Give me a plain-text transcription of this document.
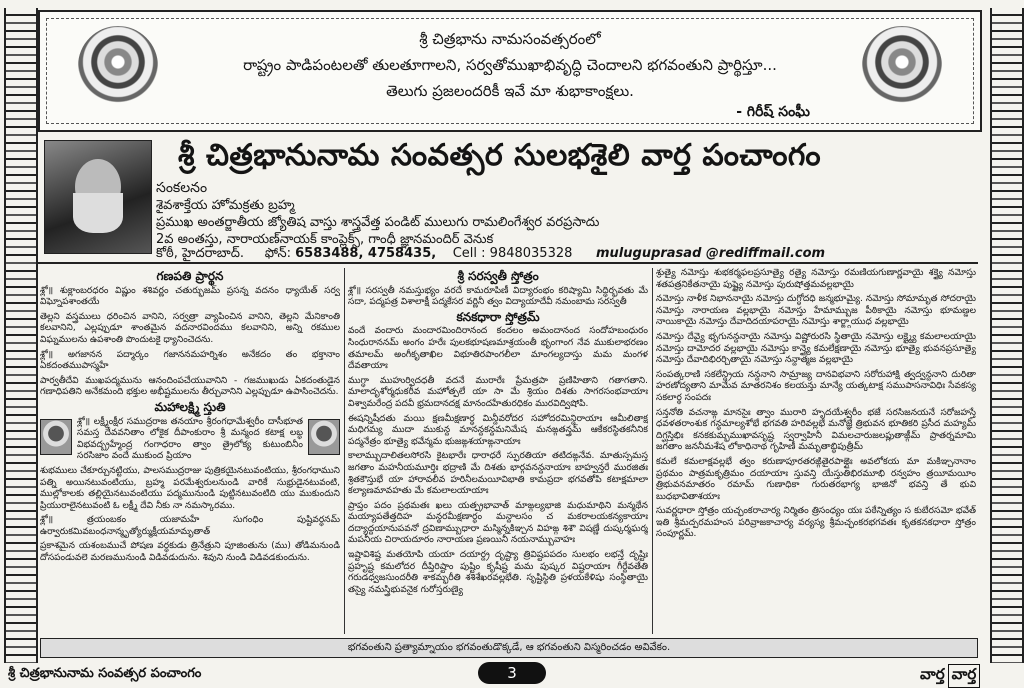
శ్రీ చిత్రభాను నామసంవత్సరంలో
రాష్ట్రం పాడిపంటలతో తులతూగాలని, సర్వతోముఖాభివృద్ధి చెందాలని భగవంతుని ప్రార్థిస్తూ...
తెలుగు ప్రజలందరికీ ఇవే మా శుభాకాంక్షలు.
- గిరీష్ సంఘీ
శ్రీ చిత్రభానునామ సంవత్సర సులభశైలి వార్త పంచాంగం
సంకలనం
శైవశాక్తేయ హోమక్రతు బ్రహ్మ
ప్రముఖ అంతర్జాతీయ జ్యోతిష వాస్తు శాస్త్రవేత్త పండిట్ ములుగు రామలింగేశ్వర వరప్రసాదు
2వ అంతస్తు, నారాయణ్‌నాయక్ కాంప్లెక్స్, గాంధీ జ్ఞానమందిర్ వెనుక
కోఠీ, హైదరాబాద్. ఫోన్: 6583488, 4758435, Cell : 9848035328 muluguprasad @rediffmail.com
గణపతి ప్రార్థన

శ్లో॥ శుక్లాంబరధరం విష్ణుం శశివర్ణం చతుర్భుజమ్ ప్రసన్న వదనం ధ్యాయేత్ సర్వ విఘ్నోపశాంతయే

తెల్లని వస్త్రములు ధరించిన వానిని, సర్వత్రా వ్యాపించిన వానిని, తెల్లని మేనికాంతి కలవానిని, ఎల్లప్పుడూ శాంతమైన వదనారవిందము కలవానిని, అన్ని రకముల విఘ్నములను ఉపశాంతి పొందుటకై ధ్యానించెదను.

శ్లో॥ అగజానన పద్మార్కం గజాననమహర్నిశం అనేకదం తం భక్తానాం ఏకదంతముపాస్మహే

పార్వతీదేవి ముఖపద్మమును ఆనందింపచేయువానిని - గజముఖుడు ఏకదంతుడైన గణాధిపతిని అనేకమంది భక్తుల అభీష్టములను తీర్చువానిని ఎల్లప్పుడూ ఉపాసించెదను.

మహాలక్ష్మి స్తుతి

శ్లో॥ లక్ష్మీంక్షీర సముద్రరాజ తనయాం శ్రీరంగధామేశ్వరీం దాసీభూత సమస్త దేవవనితాం లోకైక దీపాంకురాం శ్రీ మన్మంద కటాక్ష లబ్ధ విభవద్బ్రహ్మేంద్ర గంగాధరాం త్వాం త్రైలోక్య కుటుంబినీం సరసిజాం వందే ముకుంద ప్రియాం

శుభములు చేకూర్చునట్టియు, పాలసముద్రరాజు పుత్రికయైనటువంటియు, శ్రీరంగధాముని పత్ని అయినటువంటియు, బ్రహ్మ పరమేశ్వరులనుండి వారికే సుభ్రుడైనటువంటి, ముల్లోకాలకు తల్లియైనటువంటియు పద్మమునుండి పుట్టినటువంటిది యు ముకుందుని ప్రియురాలైనటువంటి ఓ లక్ష్మీ దేవి నీకు నా నమస్కారము.

శ్లో॥ త్రయంబకం యజామహే సుగంధిం పుష్టివర్ధనమ్ ఉర్వారుకమివబంధనాన్మృత్యోర్ముక్షీయమామృతాత్

ప్రకాశమైన యశంబముచే పోషణ వర్ధకుడు త్రినేత్రుని పూజింతును (ము) తోడిమనుండి దోసపండువలె మరణమునుండి విడివడుదును. శివుని నుండి విడివడకుందును.

శ్రీ సరస్వతీ స్తోత్రం

శ్లో॥ సరస్వతీ నమస్తుభ్యం వరదే కామరూపిణీ విద్యారంభం కరిష్యామి సిద్ధిర్భవతు మే సదా, పద్మపత్ర విశాలాక్షీ పద్మకేసర వర్ణినీ త్వం విద్యాయాదేవీ నమంబామ సరస్వతీ

కనకధారా స్తోత్రమ్

వందే వందారు మందారమిందిరానంద కందలం అమందానంద సందోహబంధురం సింధురాననమ్ అంగం హరేః పులకభూషణమాశ్రయంతీ భృంగాంగ నేవ ముకులాభరణం తమాలమ్ అంగీకృతాఖిల విభూతిరపాంగలీలా మాంగల్యదాస్తు మమ మంగళ దేవతాయాః

ముగ్ధా ముహుర్విదధతీ వదనే మురారేః ప్రేమత్రపా ప్రణిహితాని గతాగతాని. మాలాదృశోర్మధుకరీవ మహోత్పలే యా సా మే శ్రియం దిశతు సాగరసంభవాయాః విశ్వామరేంద్ర పదవీ భ్రమదానదక్ష మానందహేతురధికం మురవిద్విషోపి.

ఈషన్నిషీదతు మయి క్షణమీక్షణార్ధ మిన్దీవరోదర సహోదరమిన్దిరాయాః ఆమీలితాక్ష మధిగమ్య ముదా ముకున్ద మానన్దకన్దమనిమేష మనఙ్గతన్త్రమ్ ఆకేకరస్థితకనీనిక పద్మనేత్రం భూత్యై భవేన్మమ భుజఙ్గశయాఙ్గనాయాః

కాలామ్బుదాలితలసోరసి కైటభారేః ధారాధరే స్ఫురతియా తటిదఙ్గనేవ. మాతుస్సమస్త జగతాం మహనీయమూర్తిః భద్రాణి మే దిశతు భార్గవనన్దనాయాః బాహ్వన్తరే మురజితః శ్రితకౌస్తుభే యా హారావలీవ హరినీలమయీవిభాతి కామప్రదా భగవతోపి కటాక్షమాలా కల్యాణమావహతు మే కమలాలయాయాః

ప్రాప్తం పదం ప్రథమతః ఖలు యత్ప్రభావాత్ మాఙ్గల్యభాజి మధుమాథిని మన్మథేన మయ్యాపతేత్తదిహ మన్థరమీక్షణార్ధం మన్దాలసం చ మకరాలయకన్యకాయాః దద్యాద్దయానుపవనో ద్రవిణామ్బుధారా మస్మిన్నకిఞ్చన విహఙ్గ శిశౌ విషణ్ణే దుష్కర్మఘర్మ మపనీయ చిరాయదూరం నారాయణ ప్రణయినీ నయనామ్బువాహః

ఇష్టావిశిష్ట మతయోపి యయా దయార్ద్ర దృష్ట్యా త్రివిష్టపపదం సులభం లభన్తే దృష్టిః ప్రహృష్ట కమలోదర దీప్తిరిష్టాం పుష్టిం కృషీష్ట మమ పుష్కర విష్టరాయాః గీర్దేవతేతి గరుడధ్వజసుందరీతి శాకమ్భరీతి శశిశేఖరవల్లభేతి. సృష్టిస్థితి ప్రళయకేళిషు సంస్థితాయై తస్యై నమస్త్రిభువనైక గురోస్తరుణ్యై

శ్రుత్యై నమోస్తు శుభకర్మఫలప్రసూత్యై రత్యై నమోస్తు రమణీయగుణార్ణవాయై శక్త్యై నమోస్తు శతపత్రనికేతనాయై పుష్ట్యై నమోస్తు పురుషోత్తమవల్లభాయై

నమోస్తు నాళీక నిభాననాయై నమోస్తు దుగ్ధోదధి జన్మభూమ్యై. నమోస్తు సోమామృత సోదరాయై నమోస్తు నారాయణ వల్లభాయై నమోస్తు హేమామ్బుజ పీఠికాయై నమోస్తు భూమణ్డల నాయికాయై నమోస్తు దేవాదిదయాపరాయై నమోస్తు శార్ఙ్గాయుధ వల్లభాయై

నమోస్తు దేవ్యై భృగునన్దనాయై నమోస్తు విష్ణోరురసి స్థితాయై నమోస్తు లక్ష్మ్యై కమలాలయాయై నమోస్తు దామోదర వల్లభాయై నమోస్తు కాన్త్యై కమలేక్షణాయై నమోస్తు భూత్యై భువనప్రసూత్యై నమోస్తు దేవాదిభిరర్చితాయై నమోస్తు నన్దాత్మజ వల్లభాయై

సంపత్కరాణి సకలేన్ద్రియ నన్దనాని సామ్రాజ్య దానవిభవాని సరోరుహాక్షి త్వద్వన్దనాని దురితా హరణోద్యతాని మామేవ మాతరనిశం కలయన్తు మాన్యే యత్కటాక్ష సముపాసనావిధిః సేవకస్య సకలార్థ సంపదః

సన్తనోతి వచనాఙ్గ మానసైః త్వాం మురారి హృదయేశ్వరీం భజే సరసిజనయనే సరోజహస్తే ధవళతరాంశుక గన్ధమాల్యశోభే భగవతి హరివల్లభే మనోజ్ఞే త్రిభువన భూతికరి ప్రసీద మహ్యమ్ దిగ్ఘస్తిభిః కనకకుమ్భముఖావసృష్ట స్వర్వాహినీ విమలచారుజలప్లుతాఙ్గీమ్ ప్రాతర్నమామి జగతాం జననీమశేష లోకాధినాథ గృహిణీ మమృతాబ్ధిపుత్రీమ్

కమలే కమలాక్షవల్లభే త్వం కరుణాపూరతరఙ్గితైరపాఙ్గైః అవలోకయ మా మకిఞ్చనానాం ప్రథమం పాత్రమకృత్రిమం దయాయాః స్తువన్తి యేస్తుతిభిరమూభి రన్వహం త్రయీమయీం త్రిభువనమాతరం రమామ్ గుణాధికా గురుతరభాగ్య భాజినో భవన్తి తే భువి బుధభావితాశయాః

సువర్ణధారా స్తోత్రం యచ్ఛంకరాచార్య నిర్మితం త్రిసంధ్యం యః పఠేన్నిత్యం స కుబేరసమో భవేత్ ఇతి శ్రీమద్పరమహంస పరివ్రాజకాచార్య వర్యస్య శ్రీమచ్ఛంకరభగవతః కృతకనకధారా స్తోత్రం సంపూర్ణమ్.

భగవంతుని ప్రత్యామ్నాయం భగవంతుడొక్కడే, ఆ భగవంతుని విస్మరించడం అవివేకం.
శ్రీ చిత్రభానునామ సంవత్సర పంచాంగం	3	వార్త వార్త
